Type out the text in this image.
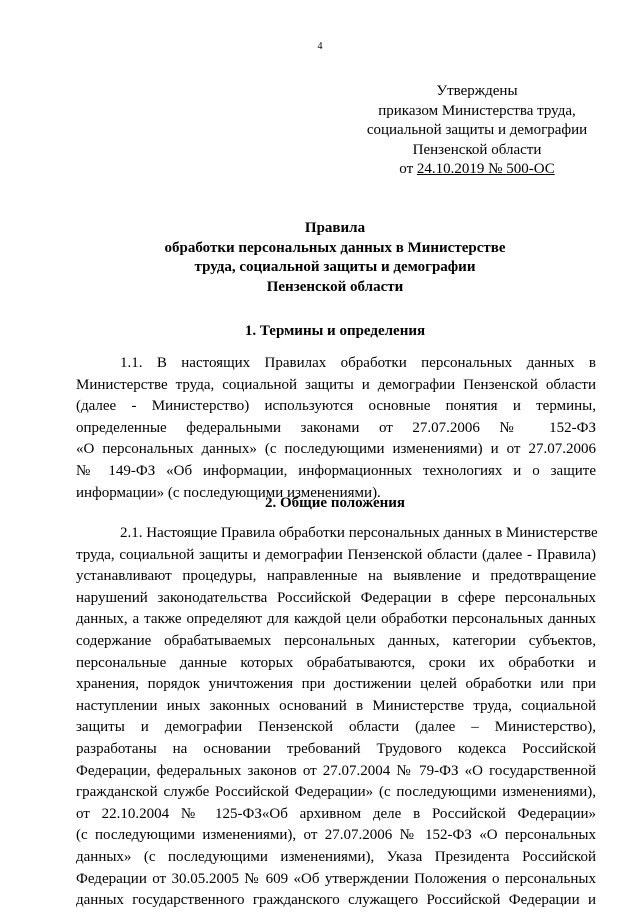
4
Утверждены
приказом Министерства труда,
социальной защиты и демографии
Пензенской области
от 24.10.2019 № 500-ОС
Правила
обработки персональных данных в Министерстве
труда, социальной защиты и демографии
Пензенской области
1. Термины и определения
1.1. В настоящих Правилах обработки персональных данных в
Министерстве труда, социальной защиты и демографии Пензенской области
(далее - Министерство) используются основные понятия и термины,
определенные федеральными законами от 27.07.2006 № 152-ФЗ
«О персональных данных» (с последующими изменениями) и от 27.07.2006
№ 149-ФЗ «Об информации, информационных технологиях и о защите
информации» (с последующими изменениями).
2. Общие положения
2.1. Настоящие Правила обработки персональных данных в Министерстве
труда, социальной защиты и демографии Пензенской области (далее - Правила)
устанавливают процедуры, направленные на выявление и предотвращение
нарушений законодательства Российской Федерации в сфере персональных
данных, а также определяют для каждой цели обработки персональных данных
содержание обрабатываемых персональных данных, категории субъектов,
персональные данные которых обрабатываются, сроки их обработки и
хранения, порядок уничтожения при достижении целей обработки или при
наступлении иных законных оснований в Министерстве труда, социальной
защиты и демографии Пензенской области (далее – Министерство),
разработаны на основании требований Трудового кодекса Российской
Федерации, федеральных законов от 27.07.2004 № 79-ФЗ «О государственной
гражданской службе Российской Федерации» (с последующими изменениями),
от 22.10.2004 № 125-ФЗ«Об архивном деле в Российской Федерации»
(с последующими изменениями), от 27.07.2006 № 152-ФЗ «О персональных
данных» (с последующими изменениями), Указа Президента Российской
Федерации от 30.05.2005 № 609 «Об утверждении Положения о персональных
данных государственного гражданского служащего Российской Федерации и
